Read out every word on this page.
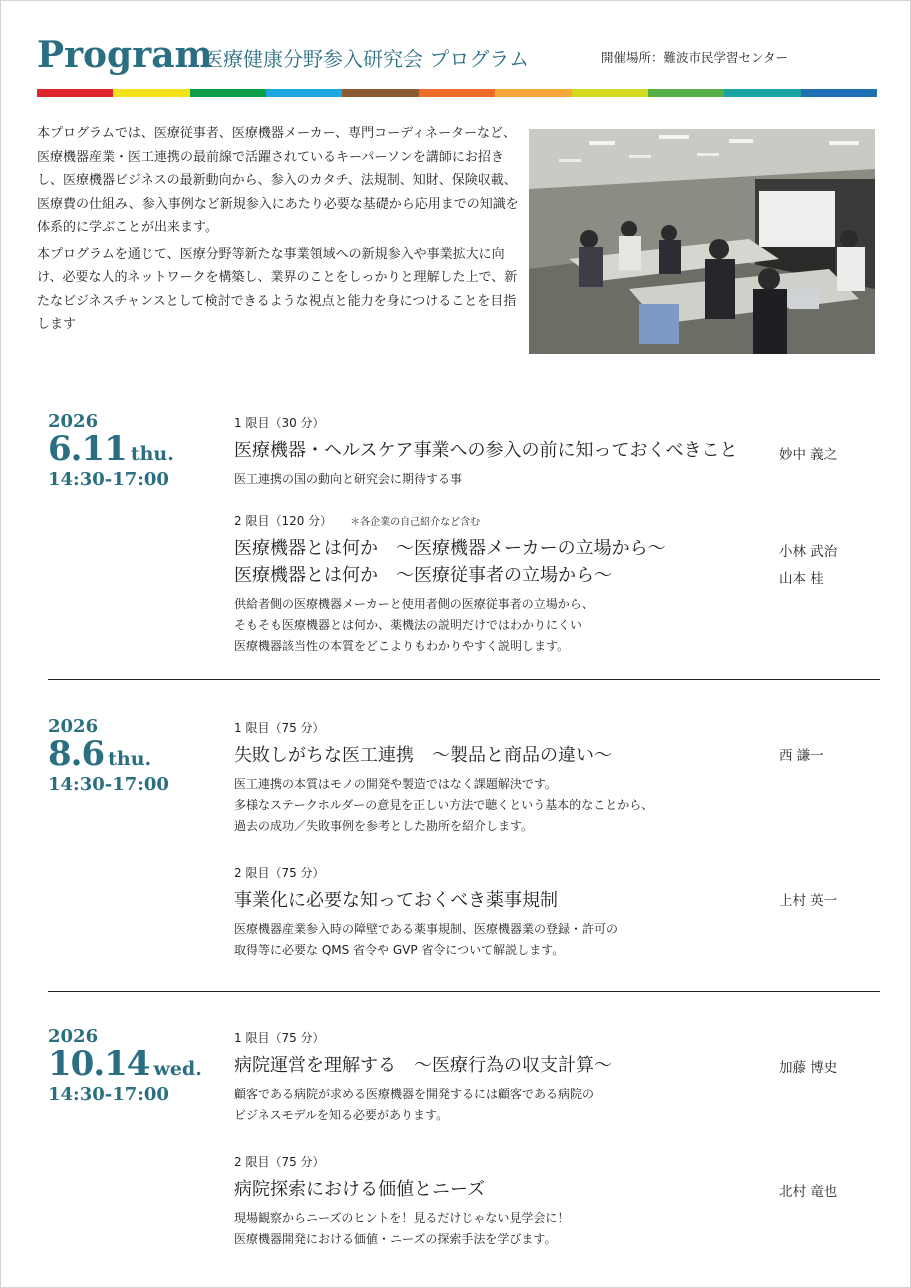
Program
医療健康分野参入研究会 プログラム	開催場所：難波市民学習センター

本プログラムでは、医療従事者、医療機器メーカー、専門コーディネーターなど、医療機器産業・医工連携の最前線で活躍されているキーパーソンを講師にお招きし、医療機器ビジネスの最新動向から、参入のカタチ、法規制、知財、保険収載、医療費の仕組み、参入事例など新規参入にあたり必要な基礎から応用までの知識を体系的に学ぶことが出来ます。

本プログラムを通じて、医療分野等新たな事業領域への新規参入や事業拡大に向け、必要な人的ネットワークを構築し、業界のことをしっかりと理解した上で、新たなビジネスチャンスとして検討できるような視点と能力を身につけることを目指します

2026
6.11 thu.
14:30-17:00
1 限目（30 分）
医療機器・ヘルスケア事業への参入の前に知っておくべきこと
医工連携の国の動向と研究会に期待する事
妙中 義之
2 限目（120 分） ＊各企業の自己紹介など含む
医療機器とは何か　～医療機器メーカーの立場から～
医療機器とは何か　～医療従事者の立場から～
供給者側の医療機器メーカーと使用者側の医療従事者の立場から、
そもそも医療機器とは何か、薬機法の説明だけではわかりにくい
医療機器該当性の本質をどこよりもわかりやすく説明します。
小林 武治
山本 桂
2026
8.6 thu.
14:30-17:00
1 限目（75 分）
失敗しがちな医工連携　～製品と商品の違い～
医工連携の本質はモノの開発や製造ではなく課題解決です。
多様なステークホルダーの意見を正しい方法で聴くという基本的なことから、
過去の成功／失敗事例を参考とした勘所を紹介します。
西 謙一
2 限目（75 分）
事業化に必要な知っておくべき薬事規制
医療機器産業参入時の障壁である薬事規制、医療機器業の登録・許可の
取得等に必要な QMS 省令や GVP 省令について解説します。
上村 英一
2026
10.14 wed.
14:30-17:00
1 限目（75 分）
病院運営を理解する　～医療行為の収支計算～
顧客である病院が求める医療機器を開発するには顧客である病院の
ビジネスモデルを知る必要があります。
加藤 博史
2 限目（75 分）
病院探索における価値とニーズ
現場観察からニーズのヒントを！見るだけじゃない見学会に！
医療機器開発における価値・ニーズの探索手法を学びます。
北村 竜也
